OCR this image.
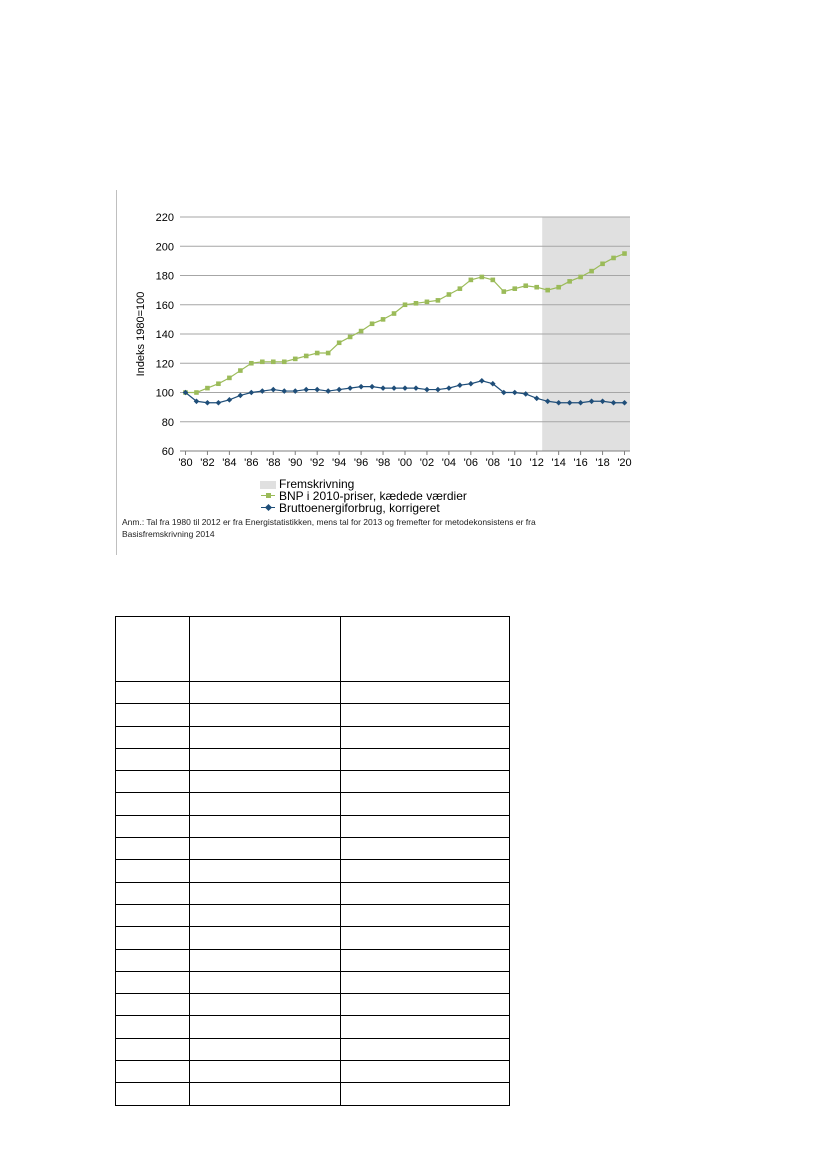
60
80
100
120
140
160
180
200
220
'80 '82 '84 '86 '88 '90 '92 '94 '96 '98 '00 '02 '04 '06 '08 '10 '12 '14 '16 '18 '20
Indeks 1980=100
Fremskrivning
BNP i 2010-priser, kædede værdier
Bruttoenergiforbrug, korrigeret
Anm.: Tal fra 1980 til 2012 er fra Energistatistikken, mens tal for 2013 og fremefter for metodekonsistens er fra
Basisfremskrivning 2014
